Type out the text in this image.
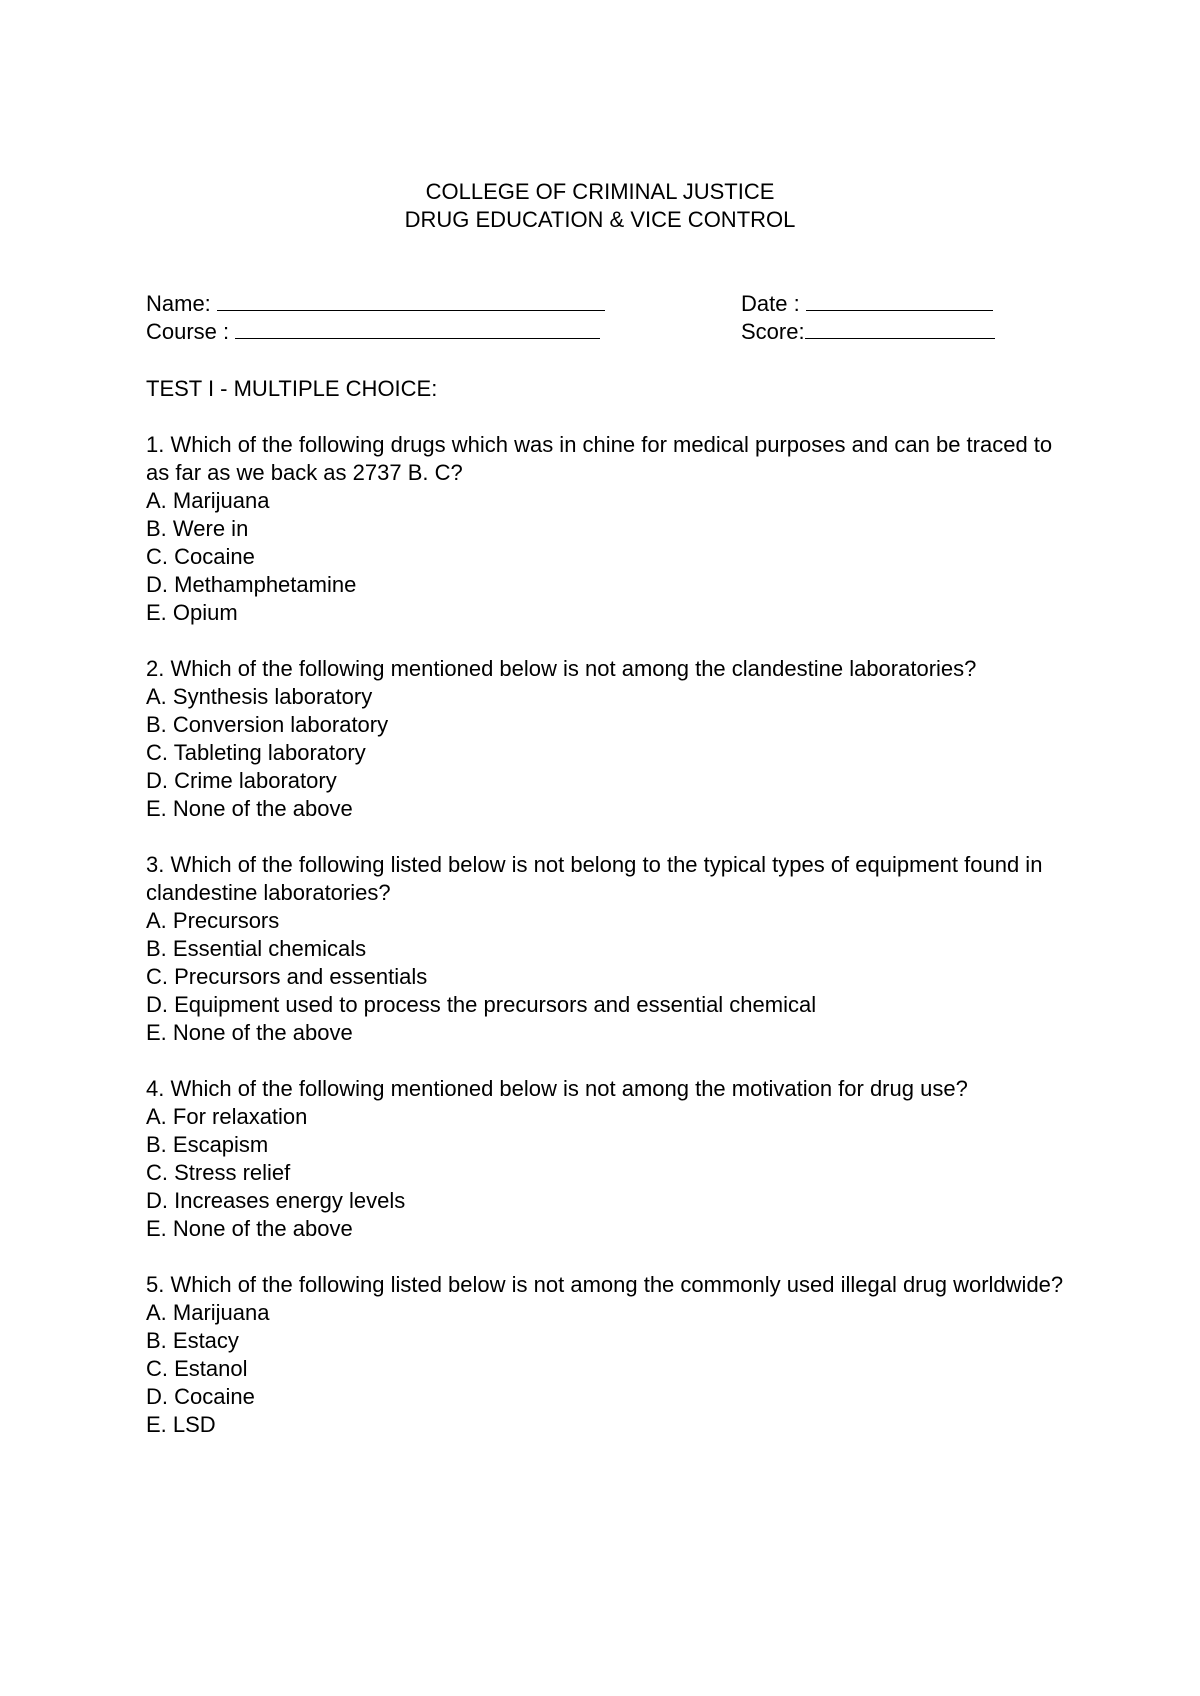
COLLEGE OF CRIMINAL JUSTICE
DRUG EDUCATION & VICE CONTROL
Name:
Course :
Date :
Score:
TEST I - MULTIPLE CHOICE:
1. Which of the following drugs which was in chine for medical purposes and can be traced to as far as we back as 2737 B. C?
A. Marijuana
B. Were in
C. Cocaine
D. Methamphetamine
E. Opium
2. Which of the following mentioned below is not among the clandestine laboratories?
A. Synthesis laboratory
B. Conversion laboratory
C. Tableting laboratory
D. Crime laboratory
E. None of the above
3. Which of the following listed below is not belong to the typical types of equipment found in clandestine laboratories?
A. Precursors
B. Essential chemicals
C. Precursors and essentials
D. Equipment used to process the precursors and essential chemical
E. None of the above
4. Which of the following mentioned below is not among the motivation for drug use?
A. For relaxation
B. Escapism
C. Stress relief
D. Increases energy levels
E. None of the above
5. Which of the following listed below is not among the commonly used illegal drug worldwide?
A. Marijuana
B. Estacy
C. Estanol
D. Cocaine
E. LSD
